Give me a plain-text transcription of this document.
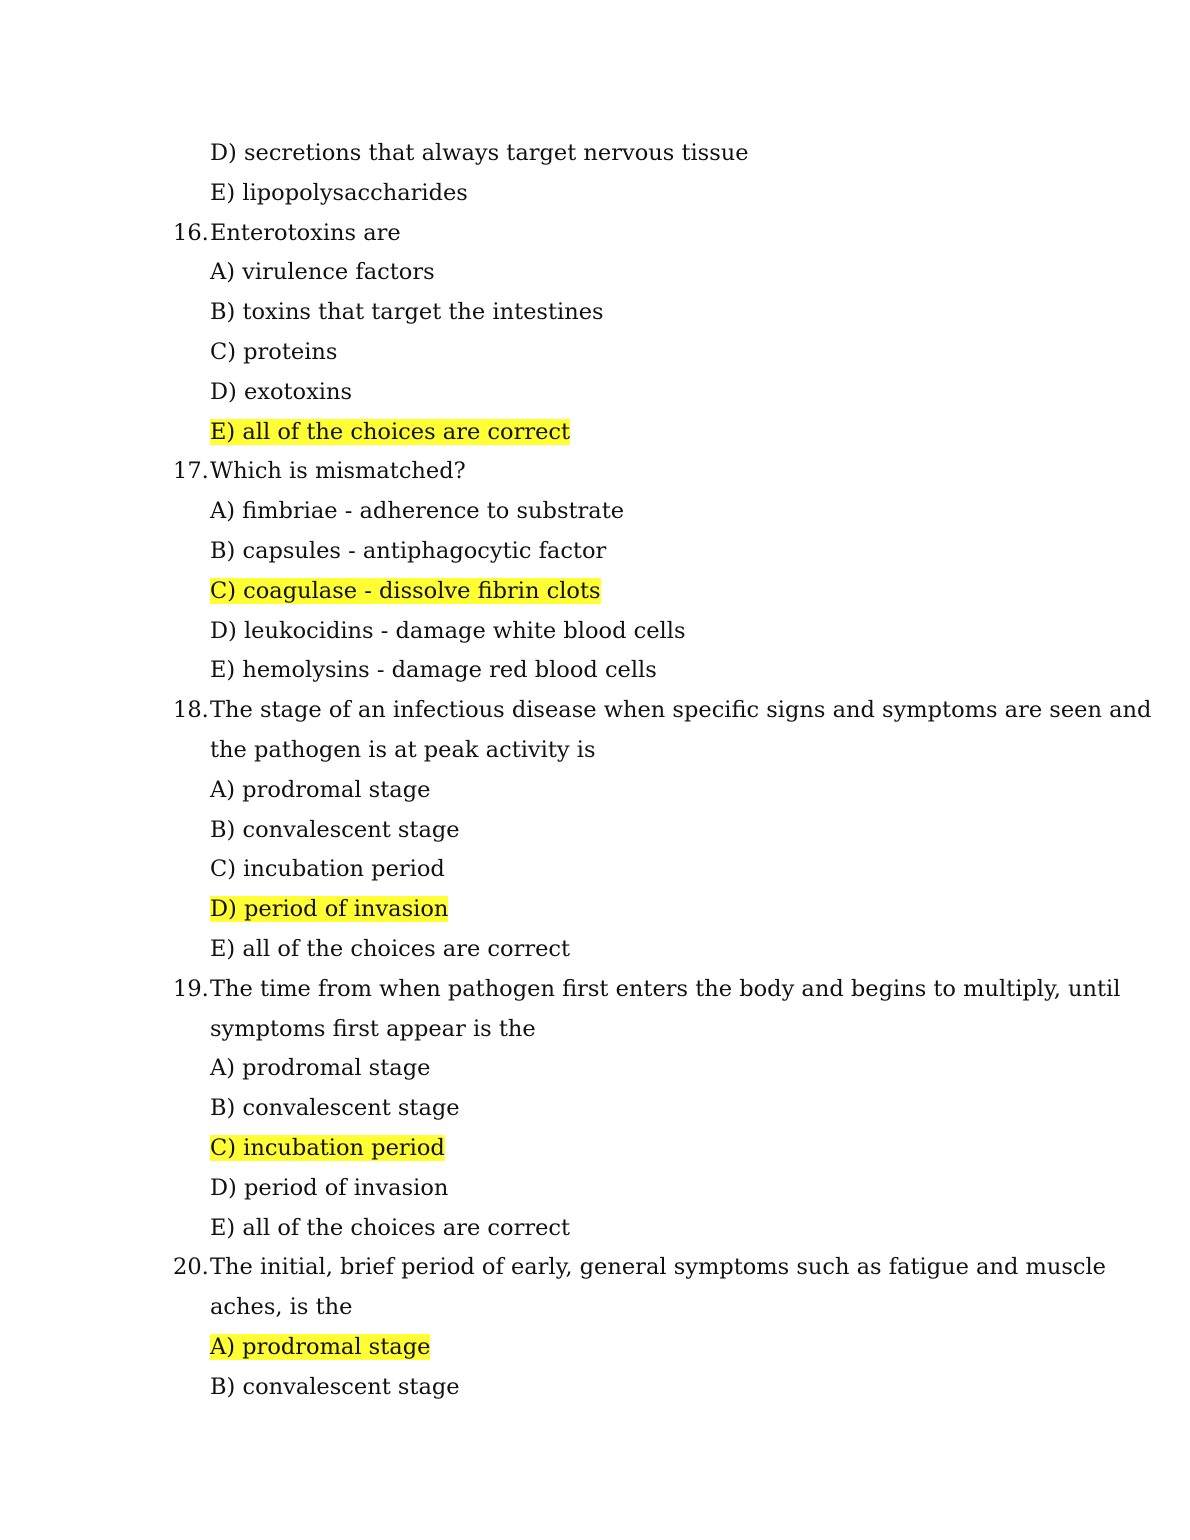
D) secretions that always target nervous tissue
E) lipopolysaccharides
16. Enterotoxins are
A) virulence factors
B) toxins that target the intestines
C) proteins
D) exotoxins
E) all of the choices are correct
17. Which is mismatched?
A) fimbriae - adherence to substrate
B) capsules - antiphagocytic factor
C) coagulase - dissolve fibrin clots
D) leukocidins - damage white blood cells
E) hemolysins - damage red blood cells
18. The stage of an infectious disease when specific signs and symptoms are seen and
the pathogen is at peak activity is
A) prodromal stage
B) convalescent stage
C) incubation period
D) period of invasion
E) all of the choices are correct
19. The time from when pathogen first enters the body and begins to multiply, until
symptoms first appear is the
A) prodromal stage
B) convalescent stage
C) incubation period
D) period of invasion
E) all of the choices are correct
20. The initial, brief period of early, general symptoms such as fatigue and muscle
aches, is the
A) prodromal stage
B) convalescent stage
